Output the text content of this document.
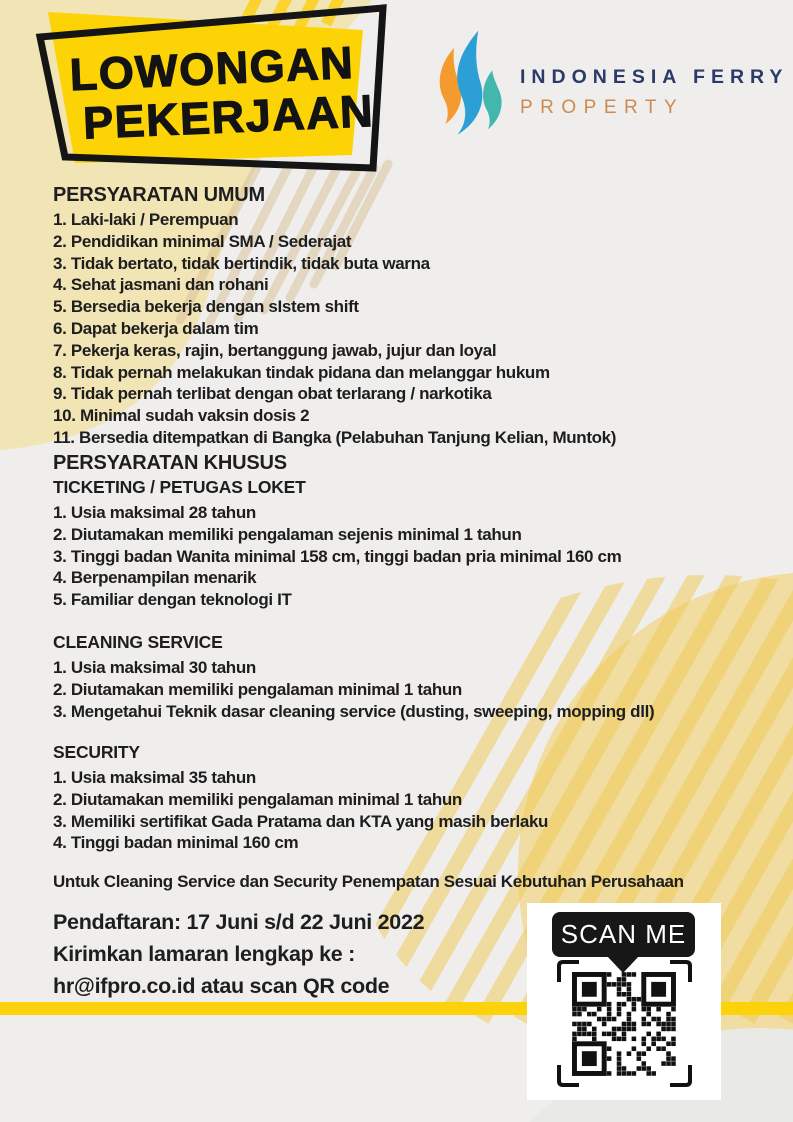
LOWONGAN
PEKERJAAN
INDONESIA FERRY
PROPERTY
PERSYARATAN UMUM
1. Laki-laki / Perempuan
2. Pendidikan minimal SMA / Sederajat
3. Tidak bertato, tidak bertindik, tidak buta warna
4. Sehat jasmani dan rohani
5. Bersedia bekerja dengan sIstem shift
6. Dapat bekerja dalam tim
7. Pekerja keras, rajin, bertanggung jawab, jujur dan loyal
8. Tidak pernah melakukan tindak pidana dan melanggar hukum
9. Tidak pernah terlibat dengan obat terlarang / narkotika
10. Minimal sudah vaksin dosis 2
11. Bersedia ditempatkan di Bangka (Pelabuhan Tanjung Kelian, Muntok)
PERSYARATAN KHUSUS
TICKETING / PETUGAS LOKET
1. Usia maksimal 28 tahun
2. Diutamakan memiliki pengalaman sejenis minimal 1 tahun
3. Tinggi badan Wanita minimal 158 cm, tinggi badan pria minimal 160 cm
4. Berpenampilan menarik
5. Familiar dengan teknologi IT
CLEANING SERVICE
1. Usia maksimal 30 tahun
2. Diutamakan memiliki pengalaman minimal 1 tahun
3. Mengetahui Teknik dasar cleaning service (dusting, sweeping, mopping dll)
SECURITY
1. Usia maksimal 35 tahun
2. Diutamakan memiliki pengalaman minimal 1 tahun
3. Memiliki sertifikat Gada Pratama dan KTA yang masih berlaku
4. Tinggi badan minimal 160 cm
Untuk Cleaning Service dan Security Penempatan Sesuai Kebutuhan Perusahaan
Pendaftaran: 17 Juni s/d 22 Juni 2022
Kirimkan lamaran lengkap ke :
hr@ifpro.co.id atau scan QR code
SCAN ME
